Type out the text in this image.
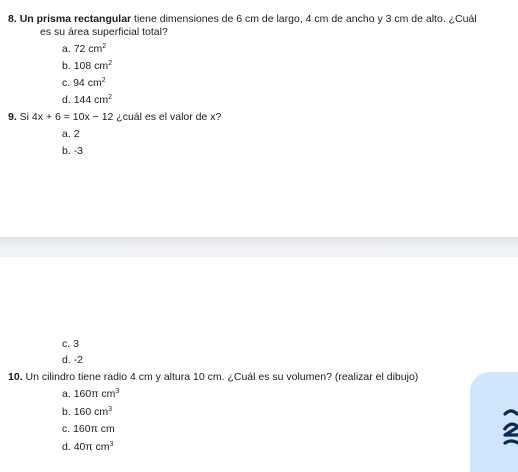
8. Un prisma rectangular tiene dimensiones de 6 cm de largo, 4 cm de ancho y 3 cm de alto. ¿Cuál
es su área superficial total?
a. 72 $cm^2$
b. 108 $cm^2$
c. 94 $cm^2$
d. 144 $cm^2$
9. Si 4x + 6 = 10x − 12 ¿cuál es el valor de x?
a. 2
b. -3
c. 3
d. -2
10. Un cilindro tiene radio 4 cm y altura 10 cm. ¿Cuál es su volumen? (realizar el dibujo)
a. 160π $cm^3$
b. 160 $cm^3$
c. 160π cm
d. 40π $cm^3$
